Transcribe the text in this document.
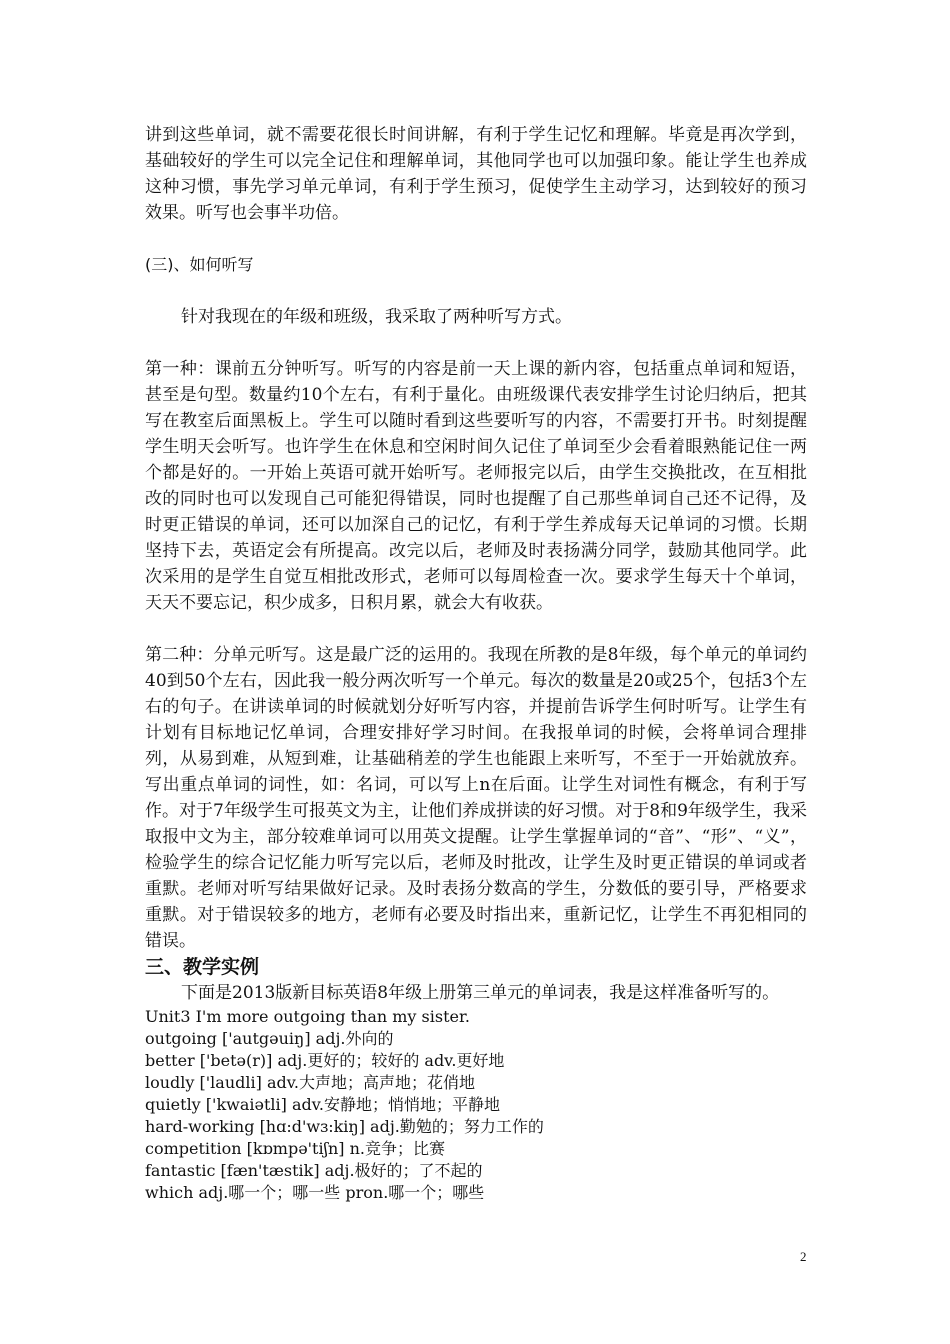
讲到这些单词，就不需要花很长时间讲解，有利于学生记忆和理解。毕竟是再次学到，基础较好的学生可以完全记住和理解单词，其他同学也可以加强印象。能让学生也养成这种习惯，事先学习单元单词，有利于学生预习，促使学生主动学习，达到较好的预习效果。听写也会事半功倍。

(三)、如何听写

针对我现在的年级和班级，我采取了两种听写方式。

第一种：课前五分钟听写。听写的内容是前一天上课的新内容，包括重点单词和短语，甚至是句型。数量约10个左右，有利于量化。由班级课代表安排学生讨论归纳后，把其写在教室后面黑板上。学生可以随时看到这些要听写的内容，不需要打开书。时刻提醒学生明天会听写。也许学生在休息和空闲时间久记住了单词至少会看着眼熟能记住一两个都是好的。一开始上英语可就开始听写。老师报完以后，由学生交换批改，在互相批改的同时也可以发现自己可能犯得错误，同时也提醒了自己那些单词自己还不记得，及时更正错误的单词，还可以加深自己的记忆，有利于学生养成每天记单词的习惯。长期坚持下去，英语定会有所提高。改完以后，老师及时表扬满分同学，鼓励其他同学。此次采用的是学生自觉互相批改形式，老师可以每周检查一次。要求学生每天十个单词，天天不要忘记，积少成多，日积月累，就会大有收获。

第二种：分单元听写。这是最广泛的运用的。我现在所教的是8年级，每个单元的单词约40到50个左右，因此我一般分两次听写一个单元。每次的数量是20或25个，包括3个左右的句子。在讲读单词的时候就划分好听写内容，并提前告诉学生何时听写。让学生有计划有目标地记忆单词，合理安排好学习时间。在我报单词的时候，会将单词合理排列，从易到难，从短到难，让基础稍差的学生也能跟上来听写，不至于一开始就放弃。写出重点单词的词性，如：名词，可以写上n在后面。让学生对词性有概念，有利于写作。对于7年级学生可报英文为主，让他们养成拼读的好习惯。对于8和9年级学生，我采取报中文为主，部分较难单词可以用英文提醒。让学生掌握单词的“音”、“形”、“义”，检验学生的综合记忆能力听写完以后，老师及时批改，让学生及时更正错误的单词或者重默。老师对听写结果做好记录。及时表扬分数高的学生，分数低的要引导，严格要求重默。对于错误较多的地方，老师有必要及时指出来，重新记忆，让学生不再犯相同的错误。

三、教学实例

下面是2013版新目标英语8年级上册第三单元的单词表，我是这样准备听写的。

Unit3 I'm more outgoing than my sister.

outgoing ['autgəuiŋ] adj.外向的

better ['betə(r)] adj.更好的；较好的 adv.更好地

loudly ['laudli] adv.大声地；高声地；花俏地

quietly ['kwaiətli] adv.安静地；悄悄地；平静地

hard-working [hɑ:d'wɜ:kiŋ] adj.勤勉的；努力工作的

competition [kɒmpə'tiʃn] n.竞争；比赛

fantastic [fæn'tæstik] adj.极好的；了不起的

which adj.哪一个；哪一些 pron.哪一个；哪些

2
